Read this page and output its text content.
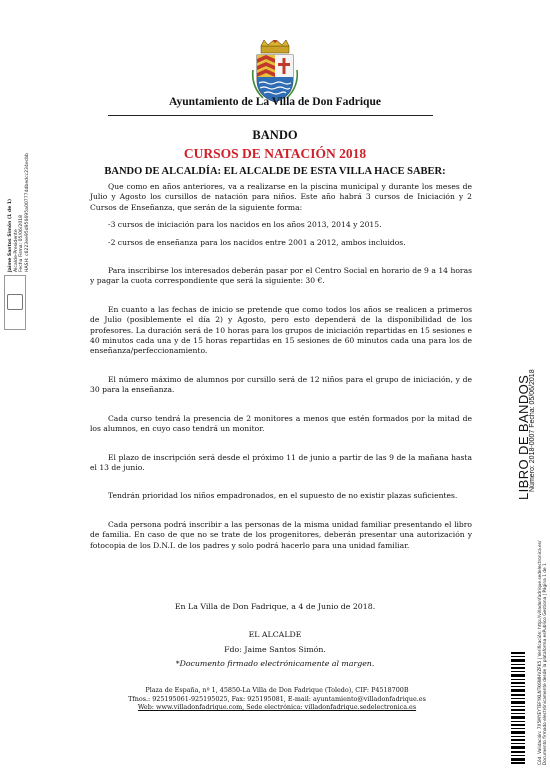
Ayuntamiento de La Villa de Don Fadrique
BANDO
CURSOS DE NATACIÓN 2018
BANDO DE ALCALDÍA: EL ALCALDE DE ESTA VILLA HACE SABER:

Que como en años anteriores, va a realizarse en la piscina municipal y durante los meses de Julio y Agosto los cursillos de natación para niños. Este año habrá 3 cursos de Iniciación y 2 Cursos de Enseñanza, que serán de la siguiente forma:

-3 cursos de iniciación para los nacidos en los años 2013, 2014 y 2015.

-2 cursos de enseñanza para los nacidos entre 2001 a 2012, ambos incluidos.

Para inscribirse los interesados deberán pasar por el Centro Social en horario de 9 a 14 horas y pagar la cuota correspondiente que será la siguiente: 30 €.

En cuanto a las fechas de inicio se pretende que como todos los años se realicen a primeros de Julio (posiblemente el día 2) y Agosto, pero esto dependerá de la disponibilidad de los profesores. La duración será de 10 horas para los grupos de iniciación repartidas en 15 sesiones e 40 minutos cada una y de 15 horas repartidas en 15 sesiones de 60 minutos cada una para los de enseñanza/perfeccionamiento.

El número máximo de alumnos por cursillo será de 12 niños para el grupo de iniciación, y de 30 para la enseñanza.

Cada curso tendrá la presencia de 2 monitores a menos que estén formados por la mitad de los alumnos, en cuyo caso tendrá un monitor.

El plazo de inscripción será desde el próximo 11 de junio a partir de las 9 de la mañana hasta el 13 de junio.

Tendrán prioridad los niños empadronados, en el supuesto de no existir plazas suficientes.

Cada persona podrá inscribir a las personas de la misma unidad familiar presentando el libro de familia. En caso de que no se trate de los progenitores, deberán presentar una autorización y fotocopia de los D.N.I. de los padres y solo podrá hacerlo para una unidad familiar.

En La Villa de Don Fadrique, a 4 de Junio de 2018.
EL ALCALDE
Fdo: Jaime Santos Simón.
*Documento firmado electrónicamente al margen.
Plaza de España, nº 1, 45850-La Villa de Don Fadrique (Toledo), CIF: P4518700B
Tfnos.: 925195061-925195025, Fax: 925195081, E-mail: ayuntamiento@villadonfadrique.es
Web: www.villadonfadrique.com, Sede electrónica: villadonfadrique.sedelectronica.es
Jaime Santos Simón (1 de 1) Alcalde-Presidente Fecha Firma: 05/06/2018 HASH: c6223ee95d956695a007774dbedcc234ecbb
LIBRO DE BANDOS
Número: 2018-0007 Fecha: 05/06/2018
Cód. Validación: 7X5MYEYTEFYKLNTK6WHVZFK5 | Verificación: http://villadonfadrique.sedelectronica.es/ Documento firmado electrónicamente desde la plataforma esPublico Gestiona | Página 1 de 1
